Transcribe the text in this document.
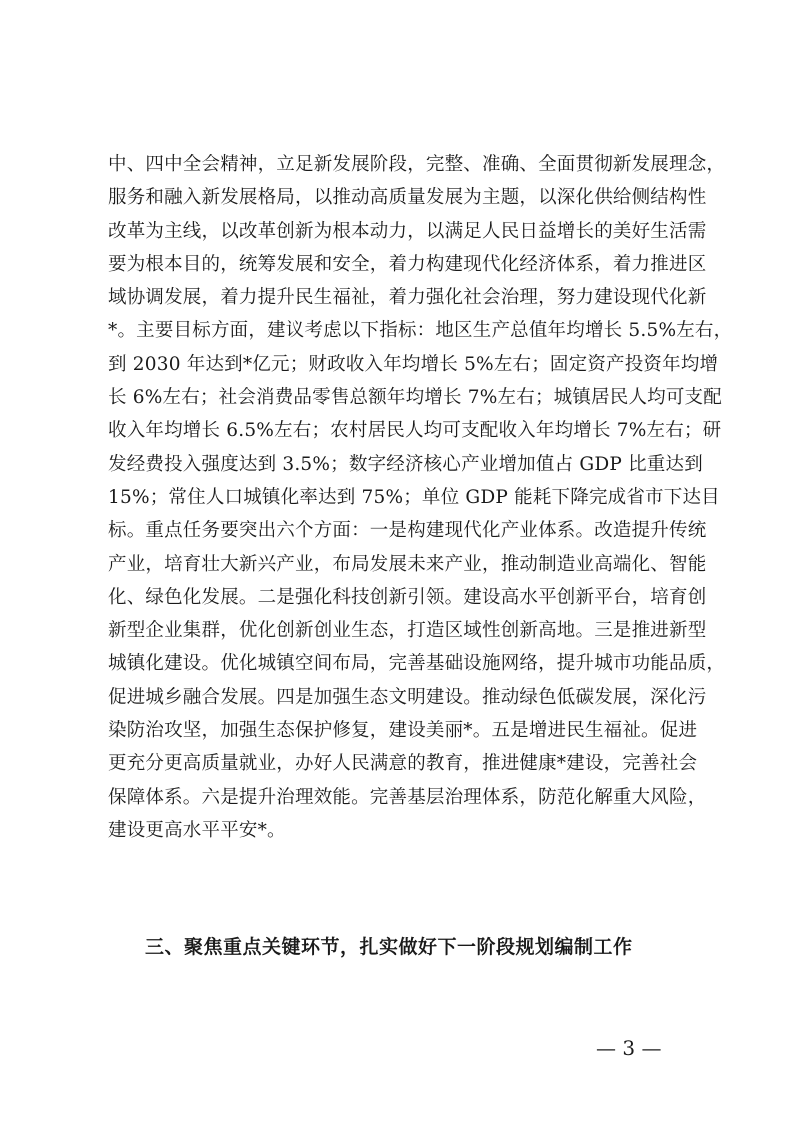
中、四中全会精神，立足新发展阶段，完整、准确、全面贯彻新发展理念，
服务和融入新发展格局，以推动高质量发展为主题，以深化供给侧结构性
改革为主线，以改革创新为根本动力，以满足人民日益增长的美好生活需
要为根本目的，统筹发展和安全，着力构建现代化经济体系，着力推进区
域协调发展，着力提升民生福祉，着力强化社会治理，努力建设现代化新
*。主要目标方面，建议考虑以下指标：地区生产总值年均增长 5.5%左右，
到 2030 年达到*亿元；财政收入年均增长 5%左右；固定资产投资年均增
长 6%左右；社会消费品零售总额年均增长 7%左右；城镇居民人均可支配
收入年均增长 6.5%左右；农村居民人均可支配收入年均增长 7%左右；研
发经费投入强度达到 3.5%；数字经济核心产业增加值占 GDP 比重达到
15%；常住人口城镇化率达到 75%；单位 GDP 能耗下降完成省市下达目
标。重点任务要突出六个方面：一是构建现代化产业体系。改造提升传统
产业，培育壮大新兴产业，布局发展未来产业，推动制造业高端化、智能
化、绿色化发展。二是强化科技创新引领。建设高水平创新平台，培育创
新型企业集群，优化创新创业生态，打造区域性创新高地。三是推进新型
城镇化建设。优化城镇空间布局，完善基础设施网络，提升城市功能品质，
促进城乡融合发展。四是加强生态文明建设。推动绿色低碳发展，深化污
染防治攻坚，加强生态保护修复，建设美丽*。五是增进民生福祉。促进
更充分更高质量就业，办好人民满意的教育，推进健康*建设，完善社会
保障体系。六是提升治理效能。完善基层治理体系，防范化解重大风险，
建设更高水平平安*。
三、聚焦重点关键环节，扎实做好下一阶段规划编制工作
— 3 —
